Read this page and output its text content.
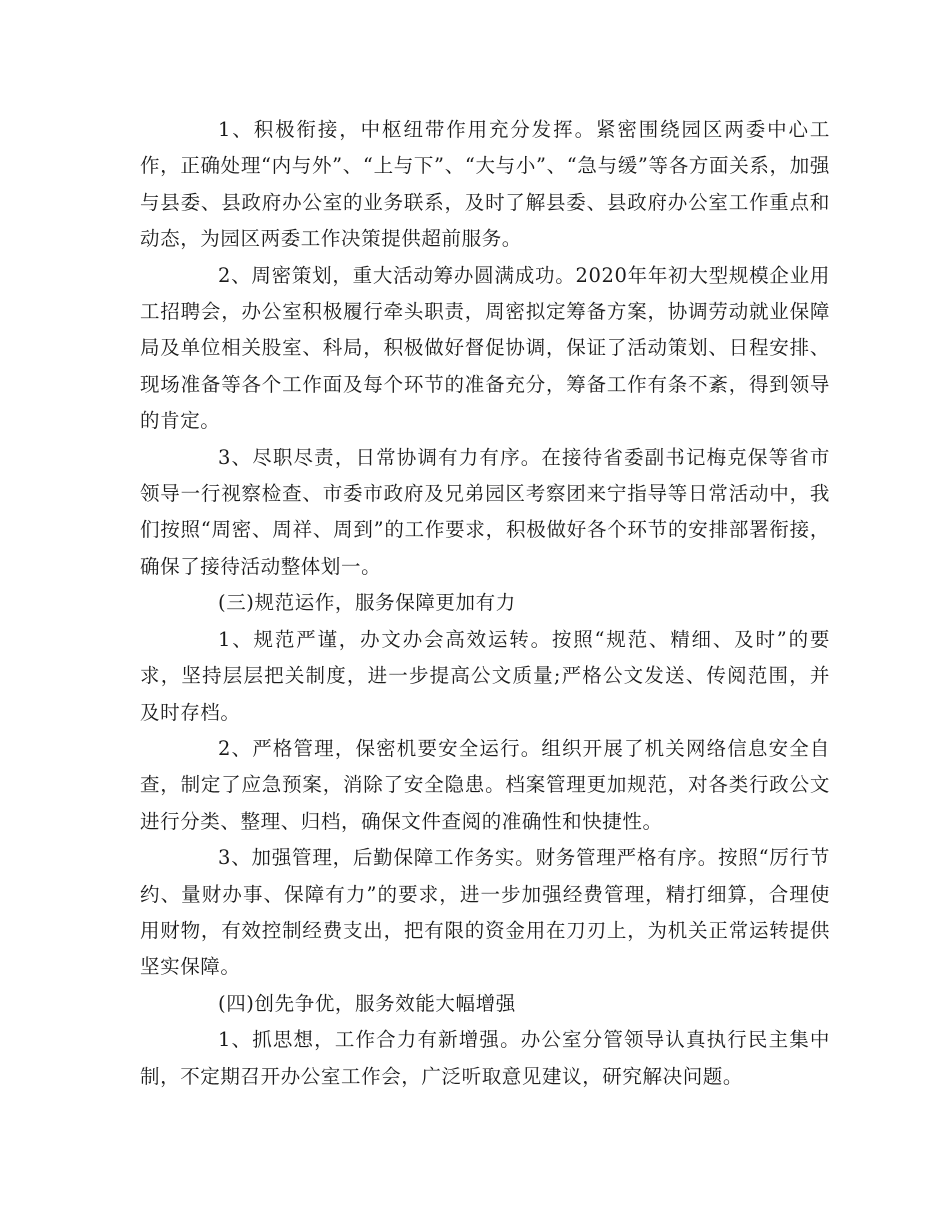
1、积极衔接，中枢纽带作用充分发挥。紧密围绕园区两委中心工作，正确处理“内与外”、“上与下”、“大与小”、“急与缓”等各方面关系，加强与县委、县政府办公室的业务联系，及时了解县委、县政府办公室工作重点和动态，为园区两委工作决策提供超前服务。

2、周密策划，重大活动筹办圆满成功。2020年年初大型规模企业用工招聘会，办公室积极履行牵头职责，周密拟定筹备方案，协调劳动就业保障局及单位相关股室、科局，积极做好督促协调，保证了活动策划、日程安排、现场准备等各个工作面及每个环节的准备充分，筹备工作有条不紊，得到领导的肯定。

3、尽职尽责，日常协调有力有序。在接待省委副书记梅克保等省市领导一行视察检查、市委市政府及兄弟园区考察团来宁指导等日常活动中，我们按照“周密、周祥、周到”的工作要求，积极做好各个环节的安排部署衔接，确保了接待活动整体划一。

(三)规范运作，服务保障更加有力

1、规范严谨，办文办会高效运转。按照“规范、精细、及时”的要求，坚持层层把关制度，进一步提高公文质量;严格公文发送、传阅范围，并及时存档。

2、严格管理，保密机要安全运行。组织开展了机关网络信息安全自查，制定了应急预案，消除了安全隐患。档案管理更加规范，对各类行政公文进行分类、整理、归档，确保文件查阅的准确性和快捷性。

3、加强管理，后勤保障工作务实。财务管理严格有序。按照“厉行节约、量财办事、保障有力”的要求，进一步加强经费管理，精打细算，合理使用财物，有效控制经费支出，把有限的资金用在刀刃上，为机关正常运转提供坚实保障。

(四)创先争优，服务效能大幅增强

1、抓思想，工作合力有新增强。办公室分管领导认真执行民主集中制，不定期召开办公室工作会，广泛听取意见建议，研究解决问题。
